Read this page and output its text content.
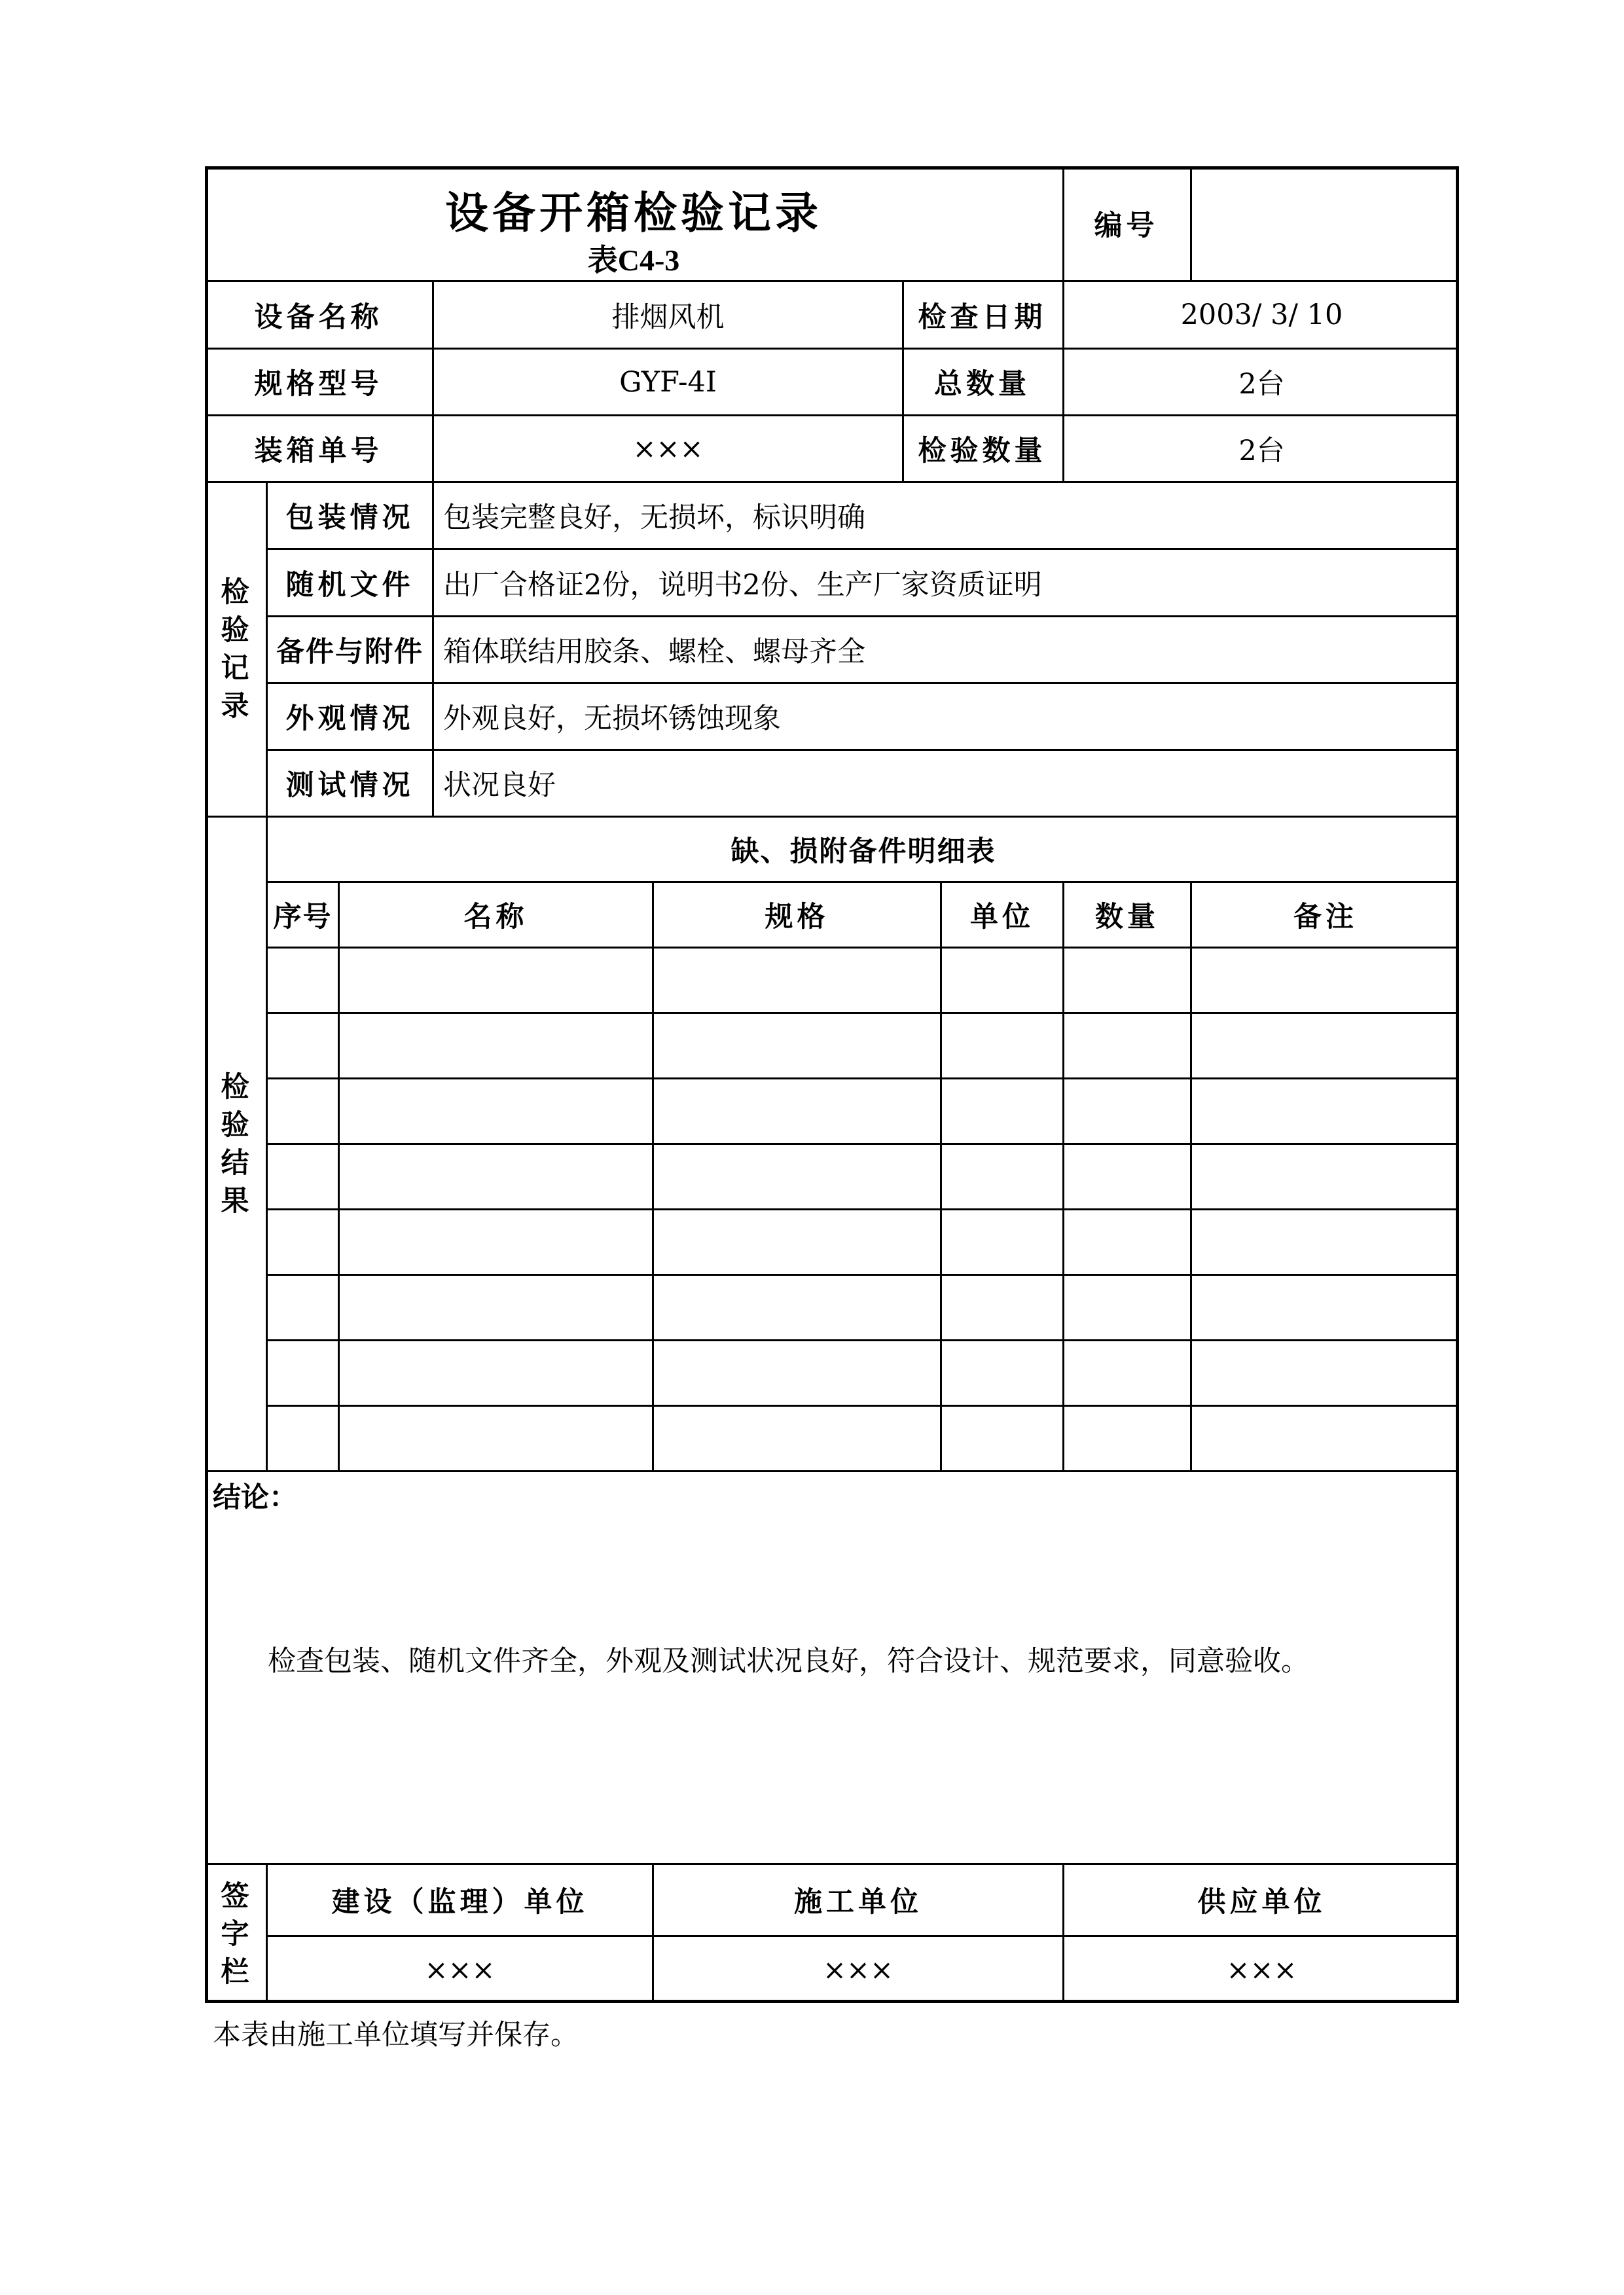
设备开箱检验记录
表C4-3
编号
设备名称	排烟风机	检查日期	2003/ 3/ 10
规格型号	GYF-4I	总数量	2台
装箱单号	×××	检验数量	2台
检
验
记
录
包装情况	包装完整良好，无损坏，标识明确
随机文件	出厂合格证2份，说明书2份、生产厂家资质证明
备件与附件 箱体联结用胶条、螺栓、螺母齐全
外观情况	外观良好，无损坏锈蚀现象
测试情况	状况良好
检
验
结
果
缺、损附备件明细表
序号	名称	规格	单位	数量	备注
结论：
检查包装、随机文件齐全，外观及测试状况良好，符合设计、规范要求，同意验收。
签
字
栏
建设（监理）单位	施工单位	供应单位
×××	×××	×××
本表由施工单位填写并保存。
